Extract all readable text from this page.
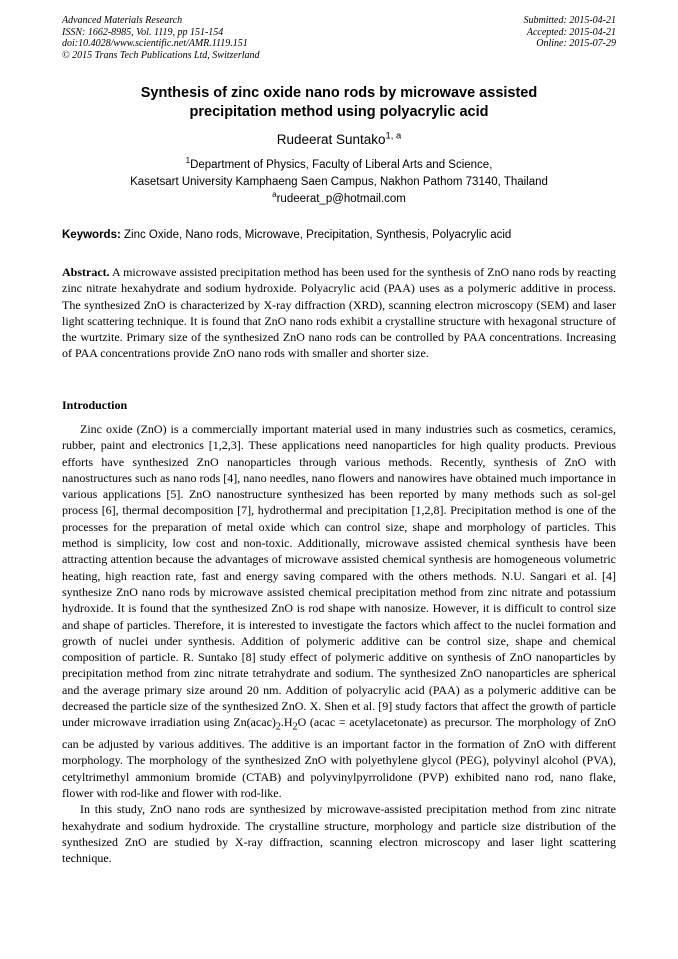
Advanced Materials Research
ISSN: 1662-8985, Vol. 1119, pp 151-154
doi:10.4028/www.scientific.net/AMR.1119.151
© 2015 Trans Tech Publications Ltd, Switzerland
Submitted: 2015-04-21
Accepted: 2015-04-21
Online: 2015-07-29
Synthesis of zinc oxide nano rods by microwave assisted
precipitation method using polyacrylic acid
Rudeerat Suntako$^{1, a}$
$^1$Department of Physics, Faculty of Liberal Arts and Science,
Kasetsart University Kamphaeng Saen Campus, Nakhon Pathom 73140, Thailand
$^a$rudeerat_p@hotmail.com
Keywords: Zinc Oxide, Nano rods, Microwave, Precipitation, Synthesis, Polyacrylic acid
Abstract. A microwave assisted precipitation method has been used for the synthesis of ZnO nano rods by reacting zinc nitrate hexahydrate and sodium hydroxide. Polyacrylic acid (PAA) uses as a polymeric additive in process. The synthesized ZnO is characterized by X-ray diffraction (XRD), scanning electron microscopy (SEM) and laser light scattering technique. It is found that ZnO nano rods exhibit a crystalline structure with hexagonal structure of the wurtzite. Primary size of the synthesized ZnO nano rods can be controlled by PAA concentrations. Increasing of PAA concentrations provide ZnO nano rods with smaller and shorter size.
Introduction

Zinc oxide (ZnO) is a commercially important material used in many industries such as cosmetics, ceramics, rubber, paint and electronics [1,2,3]. These applications need nanoparticles for high quality products. Previous efforts have synthesized ZnO nanoparticles through various methods. Recently, synthesis of ZnO with nanostructures such as nano rods [4], nano needles, nano flowers and nanowires have obtained much importance in various applications [5]. ZnO nanostructure synthesized has been reported by many methods such as sol-gel process [6], thermal decomposition [7], hydrothermal and precipitation [1,2,8]. Precipitation method is one of the processes for the preparation of metal oxide which can control size, shape and morphology of particles. This method is simplicity, low cost and non-toxic. Additionally, microwave assisted chemical synthesis have been attracting attention because the advantages of microwave assisted chemical synthesis are homogeneous volumetric heating, high reaction rate, fast and energy saving compared with the others methods. N.U. Sangari et al. [4] synthesize ZnO nano rods by microwave assisted chemical precipitation method from zinc nitrate and potassium hydroxide. It is found that the synthesized ZnO is rod shape with nanosize. However, it is difficult to control size and shape of particles. Therefore, it is interested to investigate the factors which affect to the nuclei formation and growth of nuclei under synthesis. Addition of polymeric additive can be control size, shape and chemical composition of particle. R. Suntako [8] study effect of polymeric additive on synthesis of ZnO nanoparticles by precipitation method from zinc nitrate tetrahydrate and sodium. The synthesized ZnO nanoparticles are spherical and the average primary size around 20 nm. Addition of polyacrylic acid (PAA) as a polymeric additive can be decreased the particle size of the synthesized ZnO. X. Shen et al. [9] study factors that affect the growth of particle under microwave irradiation using $Zn(acac)_2.H_2O$ (acac = acetylacetonate) as precursor. The morphology of ZnO can be adjusted by various additives. The additive is an important factor in the formation of ZnO with different morphology. The morphology of the synthesized ZnO with polyethylene glycol (PEG), polyvinyl alcohol (PVA), cetyltrimethyl ammonium bromide (CTAB) and polyvinylpyrrolidone (PVP) exhibited nano rod, nano flake, flower with rod-like and flower with rod-like.

In this study, ZnO nano rods are synthesized by microwave-assisted precipitation method from zinc nitrate hexahydrate and sodium hydroxide. The crystalline structure, morphology and particle size distribution of the synthesized ZnO are studied by X-ray diffraction, scanning electron microscopy and laser light scattering technique.
